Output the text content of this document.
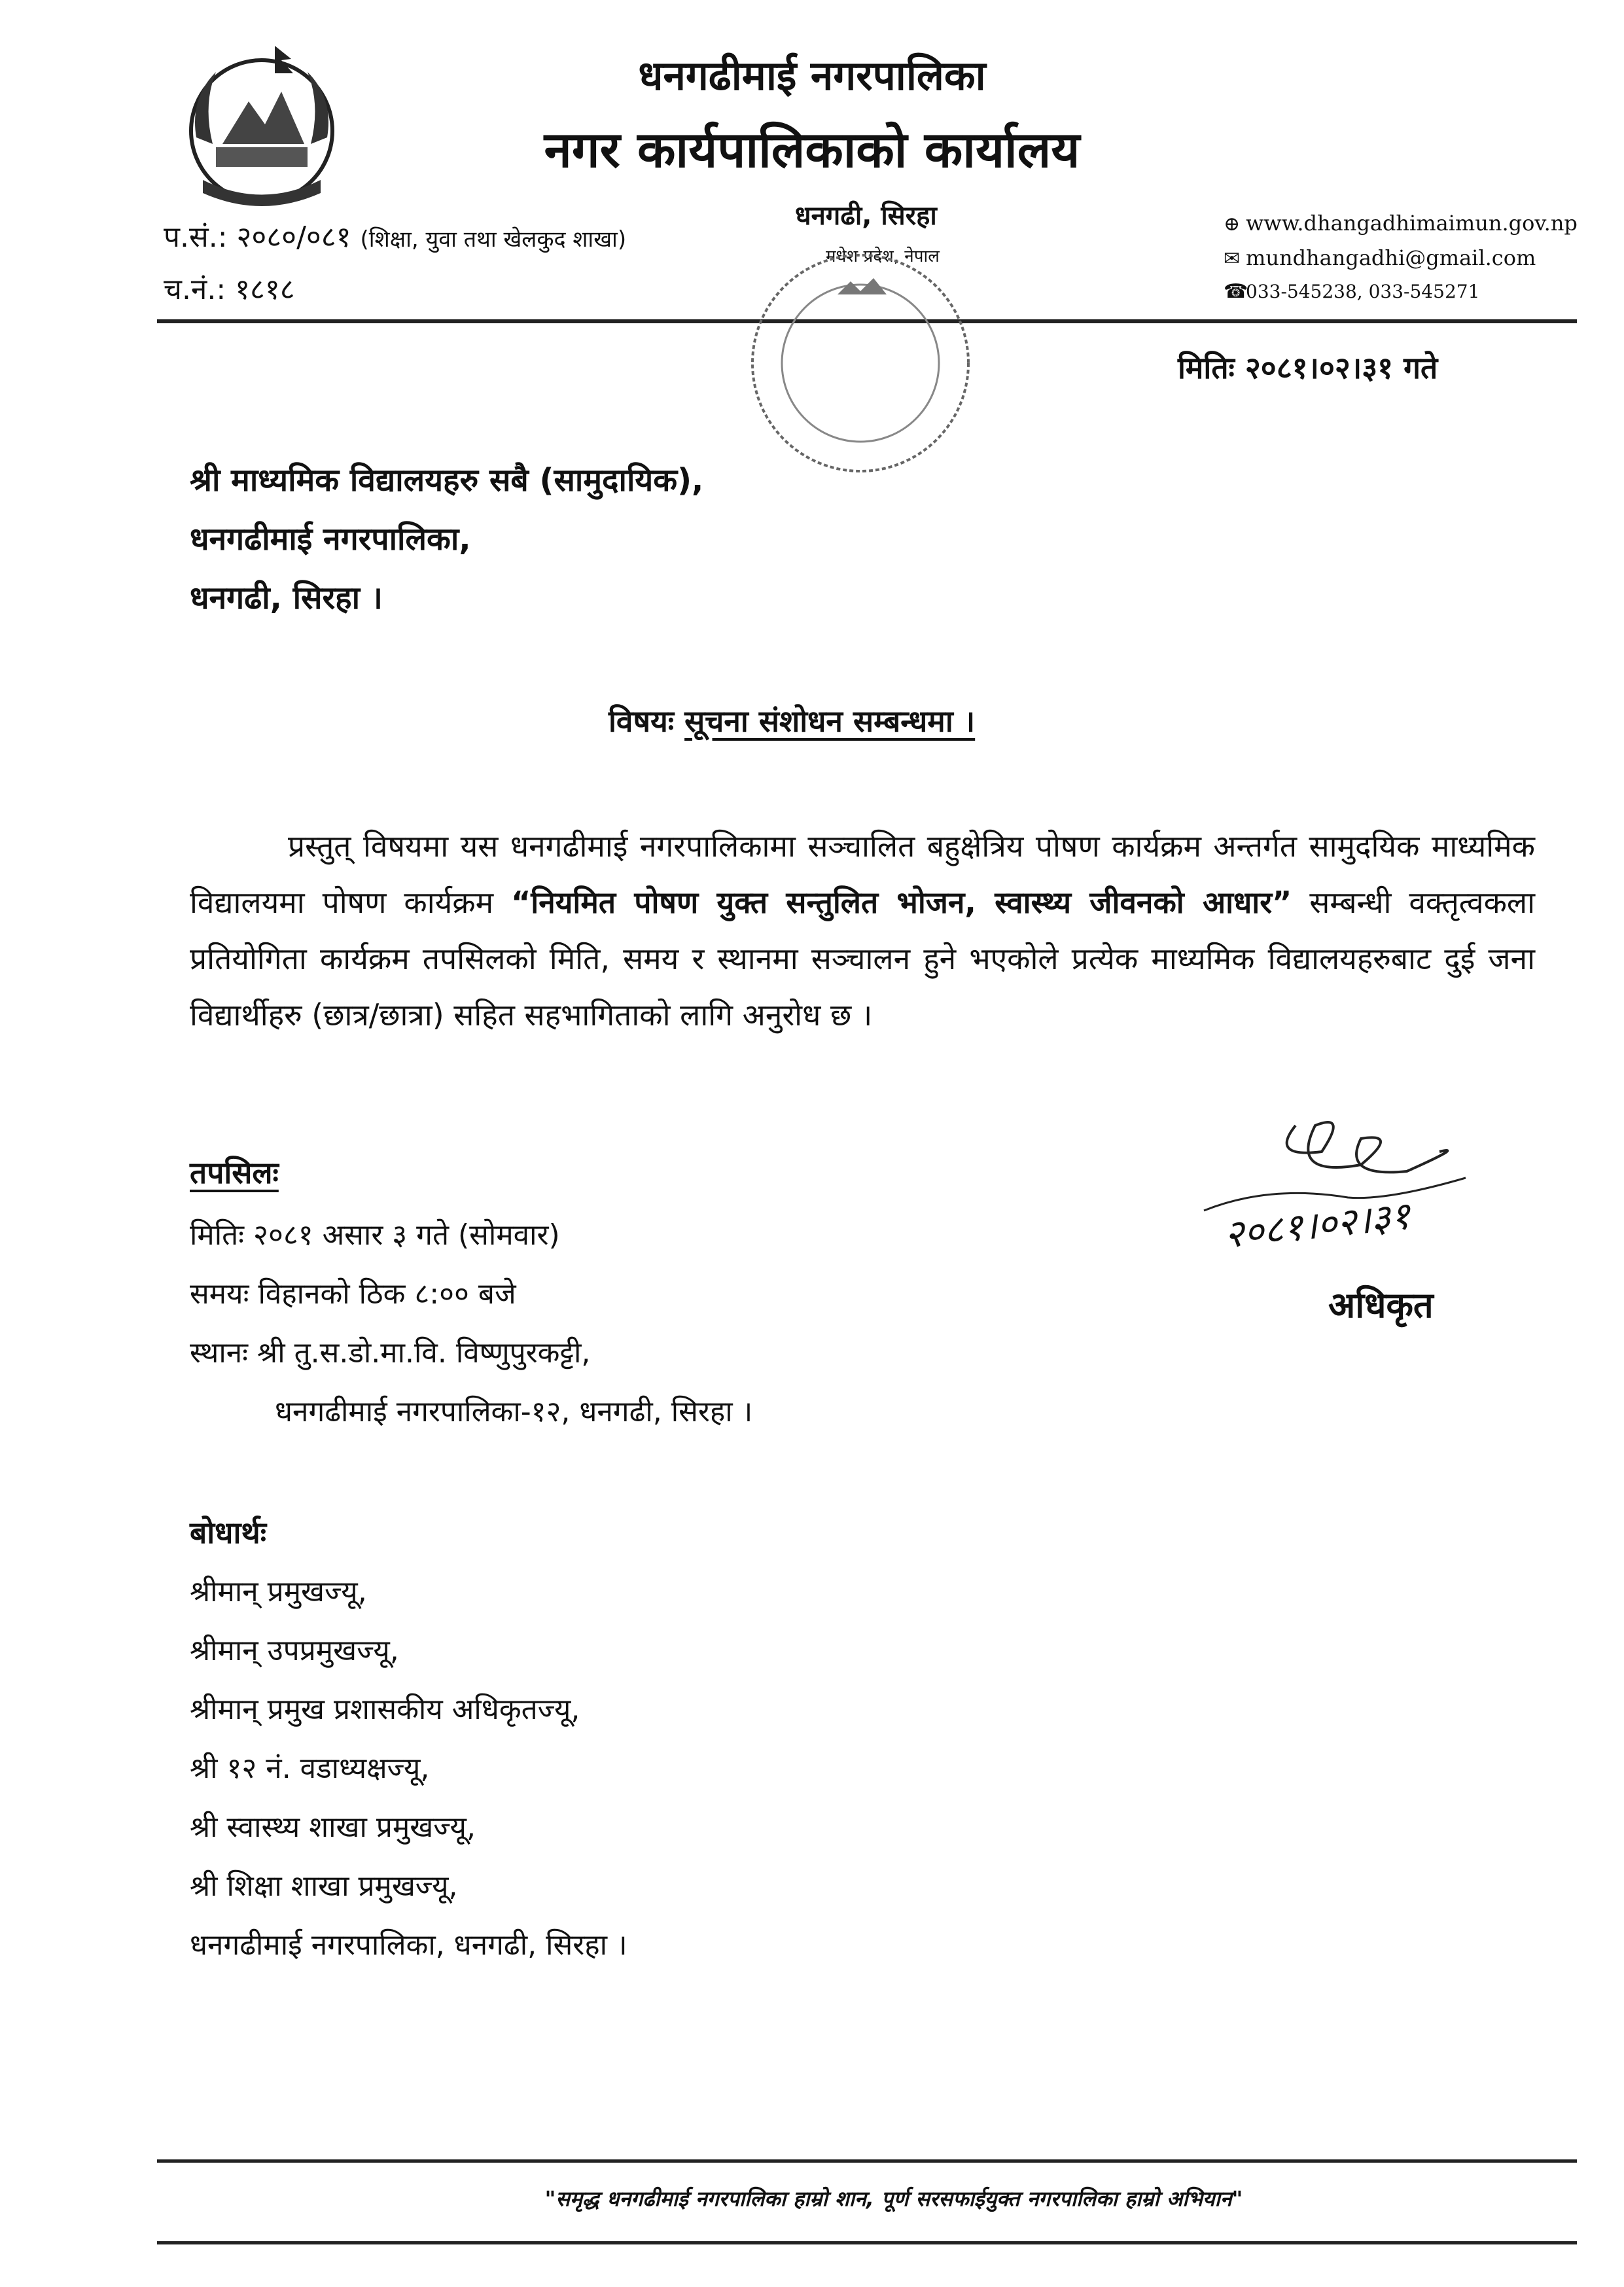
धनगढीमाई नगरपालिका
नगर कार्यपालिकाको कार्यालय
धनगढी, सिरहा
मधेश प्रदेश, नेपाल
प.सं.: २०८०/०८१ (शिक्षा, युवा तथा खेलकुद शाखा)
च.नं.: १८१८
⊕ www.dhangadhimaimun.gov.np
✉ mundhangadhi@gmail.com
☎033-545238, 033-545271
मितिः २०८१।०२।३१ गते
श्री माध्यमिक विद्यालयहरु सबै (सामुदायिक),
धनगढीमाई नगरपालिका,
धनगढी, सिरहा ।
विषयः सूचना संशोधन सम्बन्धमा ।
प्रस्तुत् विषयमा यस धनगढीमाई नगरपालिकामा सञ्चालित बहुक्षेत्रिय पोषण कार्यक्रम अन्तर्गत सामुदयिक माध्यमिक विद्यालयमा पोषण कार्यक्रम “नियमित पोषण युक्त सन्तुलित भोजन, स्वास्थ्य जीवनको आधार” सम्बन्धी वक्तृत्वकला प्रतियोगिता कार्यक्रम तपसिलको मिति, समय र स्थानमा सञ्चालन हुने भएकोले प्रत्येक माध्यमिक विद्यालयहरुबाट दुई जना विद्यार्थीहरु (छात्र/छात्रा) सहित सहभागिताको लागि अनुरोध छ ।
तपसिलः
मितिः २०८१ असार ३ गते (सोमवार)
समयः विहानको ठिक ८:०० बजे
स्थानः श्री तु.स.डो.मा.वि. विष्णुपुरकट्टी,
धनगढीमाई नगरपालिका-१२, धनगढी, सिरहा ।
२०८१।०२।३१
अधिकृत
बोधार्थः
श्रीमान् प्रमुखज्यू,
श्रीमान् उपप्रमुखज्यू,
श्रीमान् प्रमुख प्रशासकीय अधिकृतज्यू,
श्री १२ नं. वडाध्यक्षज्यू,
श्री स्वास्थ्य शाखा प्रमुखज्यू,
श्री शिक्षा शाखा प्रमुखज्यू,
धनगढीमाई नगरपालिका, धनगढी, सिरहा ।
"समृद्ध धनगढीमाई नगरपालिका हाम्रो शान, पूर्ण सरसफाईयुक्त नगरपालिका हाम्रो अभियान"
